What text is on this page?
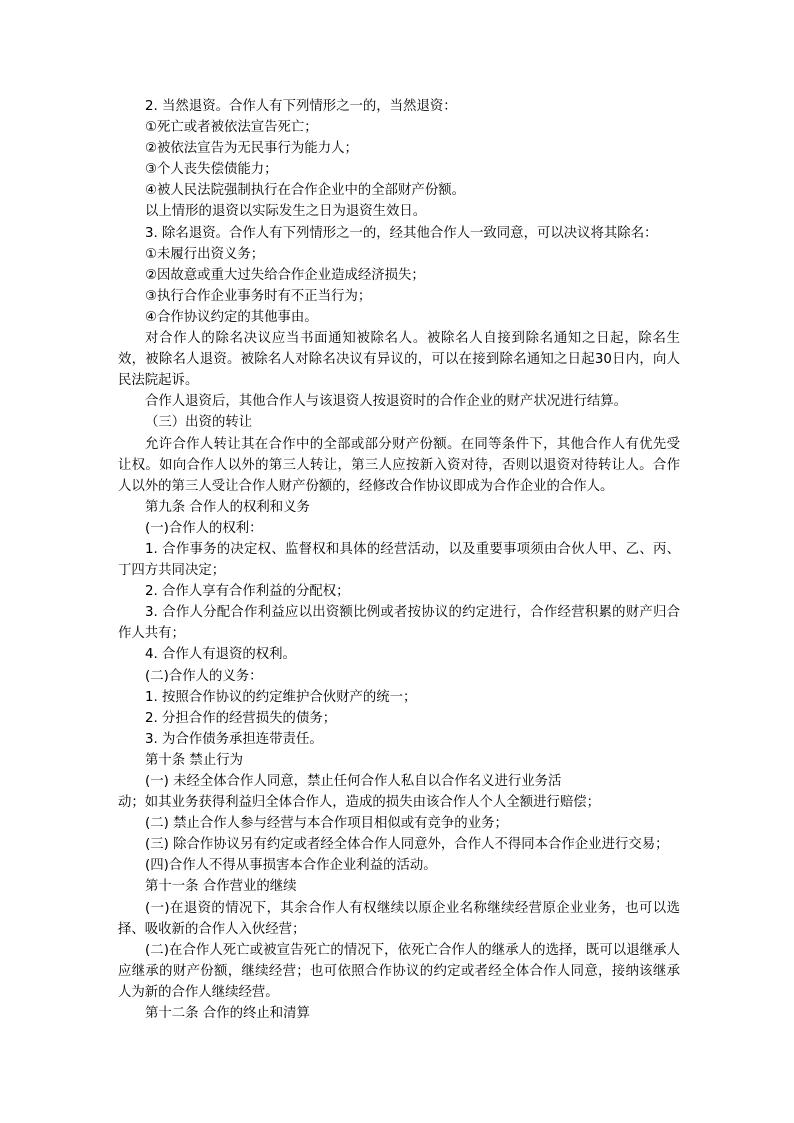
2. 当然退资。合作人有下列情形之一的，当然退资：

①死亡或者被依法宣告死亡；

②被依法宣告为无民事行为能力人；

③个人丧失偿债能力；

④被人民法院强制执行在合作企业中的全部财产份额。

以上情形的退资以实际发生之日为退资生效日。

3. 除名退资。合作人有下列情形之一的，经其他合作人一致同意，可以决议将其除名：

①未履行出资义务；

②因故意或重大过失给合作企业造成经济损失；

③执行合作企业事务时有不正当行为；

④合作协议约定的其他事由。

对合作人的除名决议应当书面通知被除名人。被除名人自接到除名通知之日起，除名生效，被除名人退资。被除名人对除名决议有异议的，可以在接到除名通知之日起30日内，向人民法院起诉。

合作人退资后，其他合作人与该退资人按退资时的合作企业的财产状况进行结算。

（三）出资的转让

允许合作人转让其在合作中的全部或部分财产份额。在同等条件下，其他合作人有优先受让权。如向合作人以外的第三人转让，第三人应按新入资对待，否则以退资对待转让人。合作人以外的第三人受让合作人财产份额的，经修改合作协议即成为合作企业的合作人。

第九条 合作人的权利和义务

(一)合作人的权利：

1. 合作事务的决定权、监督权和具体的经营活动，以及重要事项须由合伙人甲、乙、丙、丁四方共同决定；

2. 合作人享有合作利益的分配权；

3. 合作人分配合作利益应以出资额比例或者按协议的约定进行，合作经营积累的财产归合作人共有；

4. 合作人有退资的权利。

(二)合作人的义务：

1. 按照合作协议的约定维护合伙财产的统一；

2. 分担合作的经营损失的债务；

3. 为合作债务承担连带责任。

第十条 禁止行为

(一) 未经全体合作人同意，禁止任何合作人私自以合作名义进行业务活

动；如其业务获得利益归全体合作人，造成的损失由该合作人个人全额进行赔偿；

(二) 禁止合作人参与经营与本合作项目相似或有竞争的业务；

(三) 除合作协议另有约定或者经全体合作人同意外，合作人不得同本合作企业进行交易；

(四)合作人不得从事损害本合作企业利益的活动。

第十一条 合作营业的继续

(一)在退资的情况下，其余合作人有权继续以原企业名称继续经营原企业业务，也可以选择、吸收新的合作人入伙经营；

(二)在合作人死亡或被宣告死亡的情况下，依死亡合作人的继承人的选择，既可以退继承人应继承的财产份额，继续经营；也可依照合作协议的约定或者经全体合作人同意，接纳该继承人为新的合作人继续经营。

第十二条 合作的终止和清算
